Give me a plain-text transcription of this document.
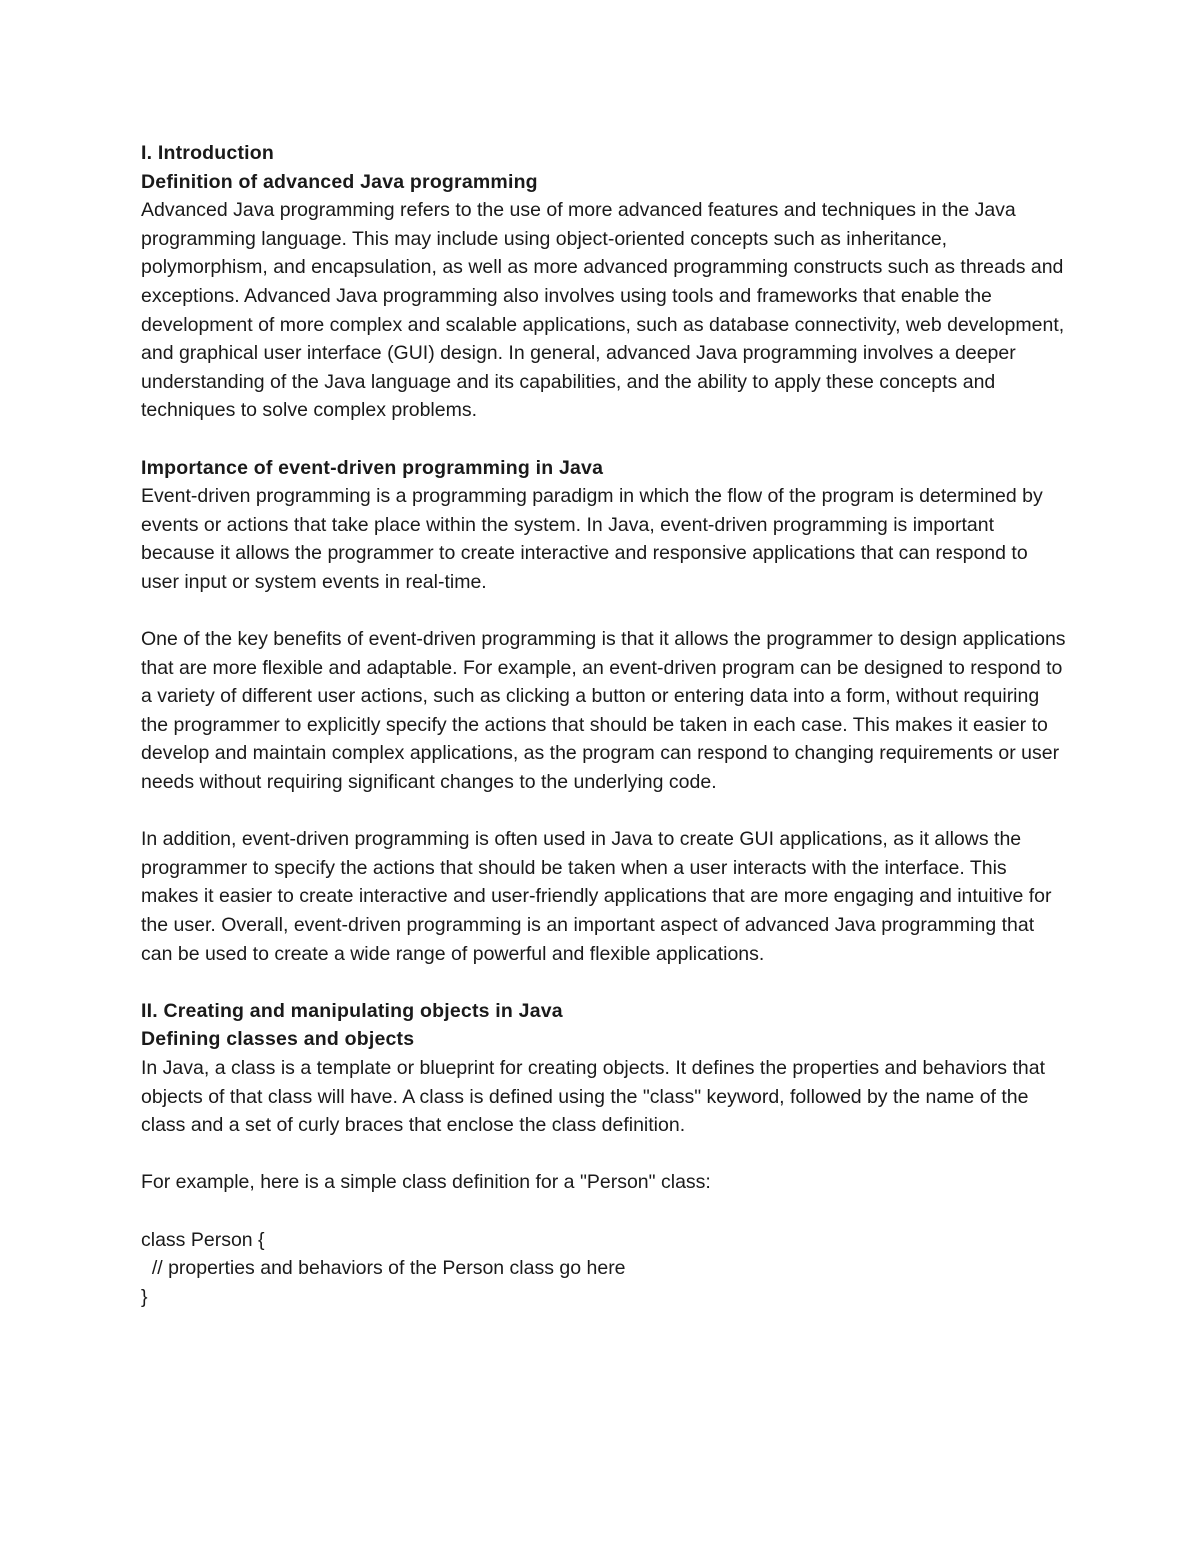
I. Introduction

Definition of advanced Java programming

Advanced Java programming refers to the use of more advanced features and techniques in the Java programming language. This may include using object-oriented concepts such as inheritance, polymorphism, and encapsulation, as well as more advanced programming constructs such as threads and exceptions. Advanced Java programming also involves using tools and frameworks that enable the development of more complex and scalable applications, such as database connectivity, web development, and graphical user interface (GUI) design. In general, advanced Java programming involves a deeper understanding of the Java language and its capabilities, and the ability to apply these concepts and techniques to solve complex problems.

Importance of event-driven programming in Java

Event-driven programming is a programming paradigm in which the flow of the program is determined by events or actions that take place within the system. In Java, event-driven programming is important because it allows the programmer to create interactive and responsive applications that can respond to user input or system events in real-time.

One of the key benefits of event-driven programming is that it allows the programmer to design applications that are more flexible and adaptable. For example, an event-driven program can be designed to respond to a variety of different user actions, such as clicking a button or entering data into a form, without requiring the programmer to explicitly specify the actions that should be taken in each case. This makes it easier to develop and maintain complex applications, as the program can respond to changing requirements or user needs without requiring significant changes to the underlying code.

In addition, event-driven programming is often used in Java to create GUI applications, as it allows the programmer to specify the actions that should be taken when a user interacts with the interface. This makes it easier to create interactive and user-friendly applications that are more engaging and intuitive for the user. Overall, event-driven programming is an important aspect of advanced Java programming that can be used to create a wide range of powerful and flexible applications.

II. Creating and manipulating objects in Java

Defining classes and objects

In Java, a class is a template or blueprint for creating objects. It defines the properties and behaviors that objects of that class will have. A class is defined using the "class" keyword, followed by the name of the class and a set of curly braces that enclose the class definition.

For example, here is a simple class definition for a "Person" class:

class Person {

// properties and behaviors of the Person class go here

}
